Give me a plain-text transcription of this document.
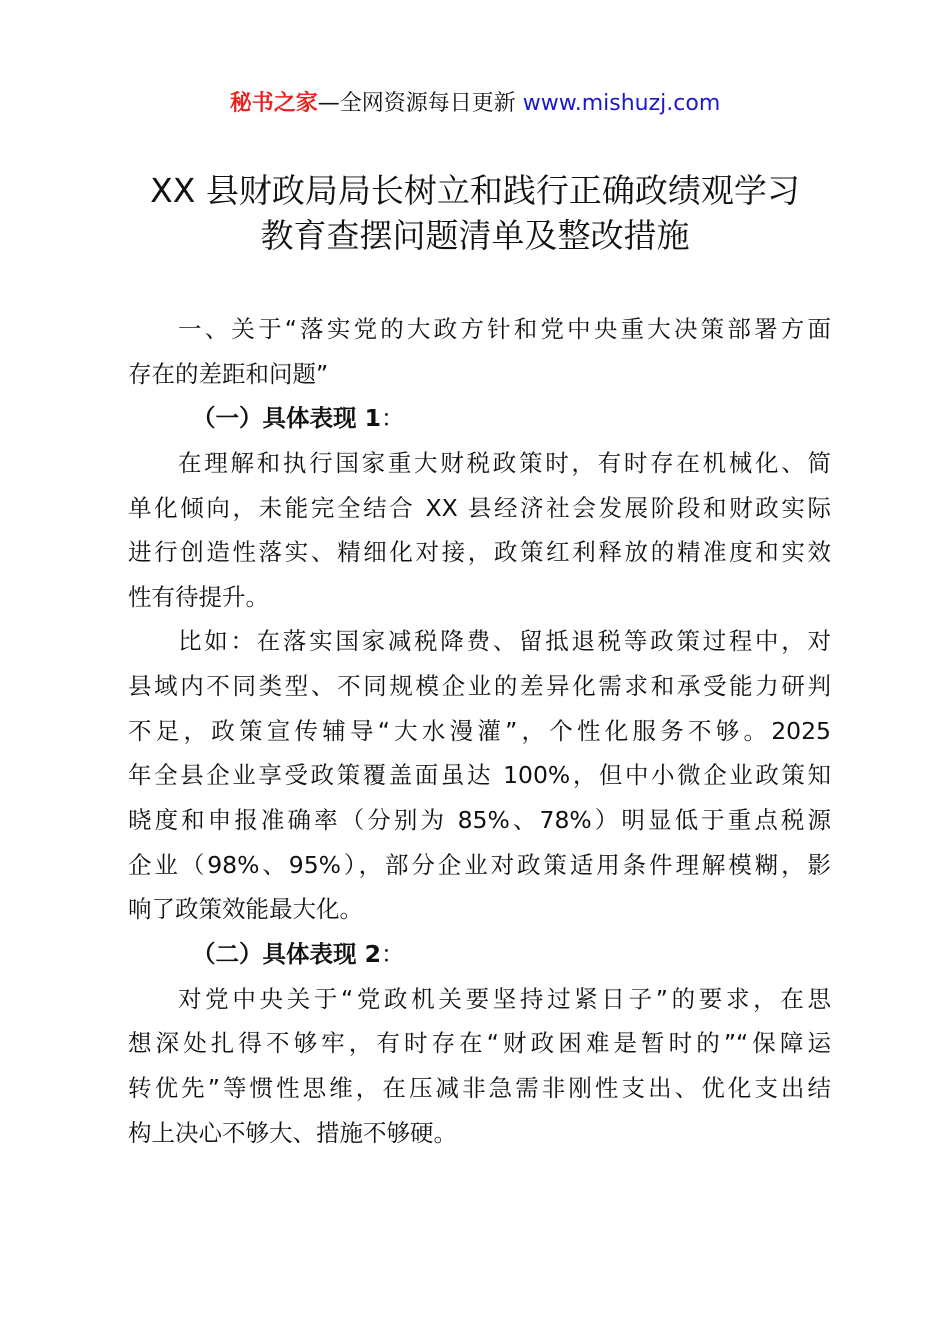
秘书之家—全网资源每日更新 www.mishuzj.com
XX 县财政局局长树立和践行正确政绩观学习
教育查摆问题清单及整改措施
一、关于“落实党的大政方针和党中央重大决策部署方面
存在的差距和问题”
（一）具体表现 1：
在理解和执行国家重大财税政策时，有时存在机械化、简
单化倾向，未能完全结合 XX 县经济社会发展阶段和财政实际
进行创造性落实、精细化对接，政策红利释放的精准度和实效
性有待提升。
比如：在落实国家减税降费、留抵退税等政策过程中，对
县域内不同类型、不同规模企业的差异化需求和承受能力研判
不足，政策宣传辅导“大水漫灌”，个性化服务不够。2025
年全县企业享受政策覆盖面虽达 100%，但中小微企业政策知
晓度和申报准确率（分别为 85%、78%）明显低于重点税源
企业（98%、95%），部分企业对政策适用条件理解模糊，影
响了政策效能最大化。
（二）具体表现 2：
对党中央关于“党政机关要坚持过紧日子”的要求，在思
想深处扎得不够牢，有时存在“财政困难是暂时的”“保障运
转优先”等惯性思维，在压减非急需非刚性支出、优化支出结
构上决心不够大、措施不够硬。
